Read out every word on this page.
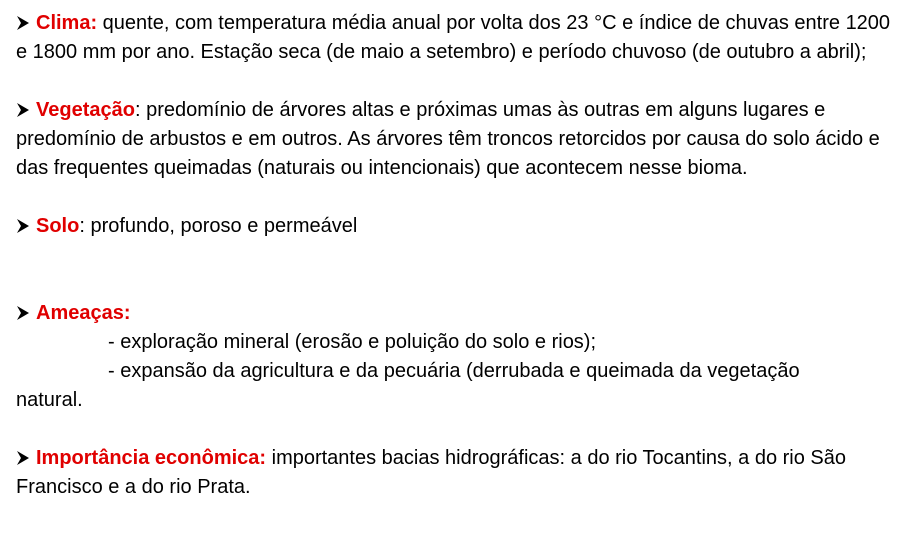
Clima: quente, com temperatura média anual por volta dos 23 °C e índice de chuvas entre 1200 e 1800 mm por ano. Estação seca (de maio a setembro) e período chuvoso (de outubro a abril);

Vegetação: predomínio de árvores altas e próximas umas às outras em alguns lugares e predomínio de arbustos e em outros. As árvores têm troncos retorcidos por causa do solo ácido e das frequentes queimadas (naturais ou intencionais) que acontecem nesse bioma.

Solo: profundo, poroso e permeável

Ameaças:

- exploração mineral (erosão e poluição do solo e rios);

- expansão da agricultura e da pecuária (derrubada e queimada da vegetação

natural.

Importância econômica: importantes bacias hidrográficas: a do rio Tocantins, a do rio São Francisco e a do rio Prata.
